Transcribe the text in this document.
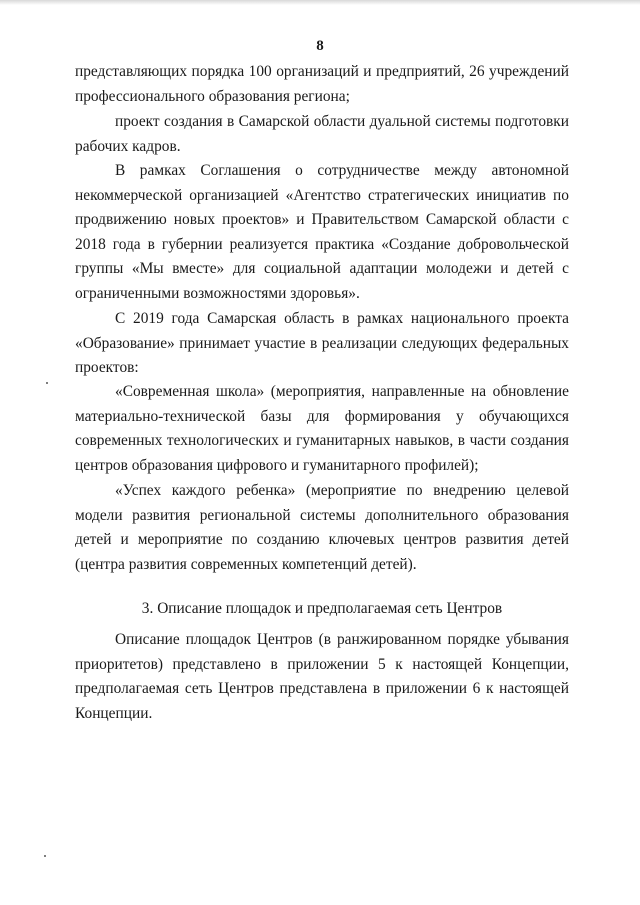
8

представляющих порядка 100 организаций и предприятий, 26 учреждений профессионального образования региона;

проект создания в Самарской области дуальной системы подготовки рабочих кадров.

В рамках Соглашения о сотрудничестве между автономной некоммерческой организацией «Агентство стратегических инициатив по продвижению новых проектов» и Правительством Самарской области с 2018 года в губернии реализуется практика «Создание добровольческой группы «Мы вместе» для социальной адаптации молодежи и детей с ограниченными возможностями здоровья».

С 2019 года Самарская область в рамках национального проекта «Образование» принимает участие в реализации следующих федеральных проектов:

«Современная школа» (мероприятия, направленные на обновление материально-технической базы для формирования у обучающихся современных технологических и гуманитарных навыков, в части создания центров образования цифрового и гуманитарного профилей);

«Успех каждого ребенка» (мероприятие по внедрению целевой модели развития региональной системы дополнительного образования детей и мероприятие по созданию ключевых центров развития детей (центра развития современных компетенций детей).

3. Описание площадок и предполагаемая сеть Центров

Описание площадок Центров (в ранжированном порядке убывания приоритетов) представлено в приложении 5 к настоящей Концепции, предполагаемая сеть Центров представлена в приложении 6 к настоящей Концепции.
